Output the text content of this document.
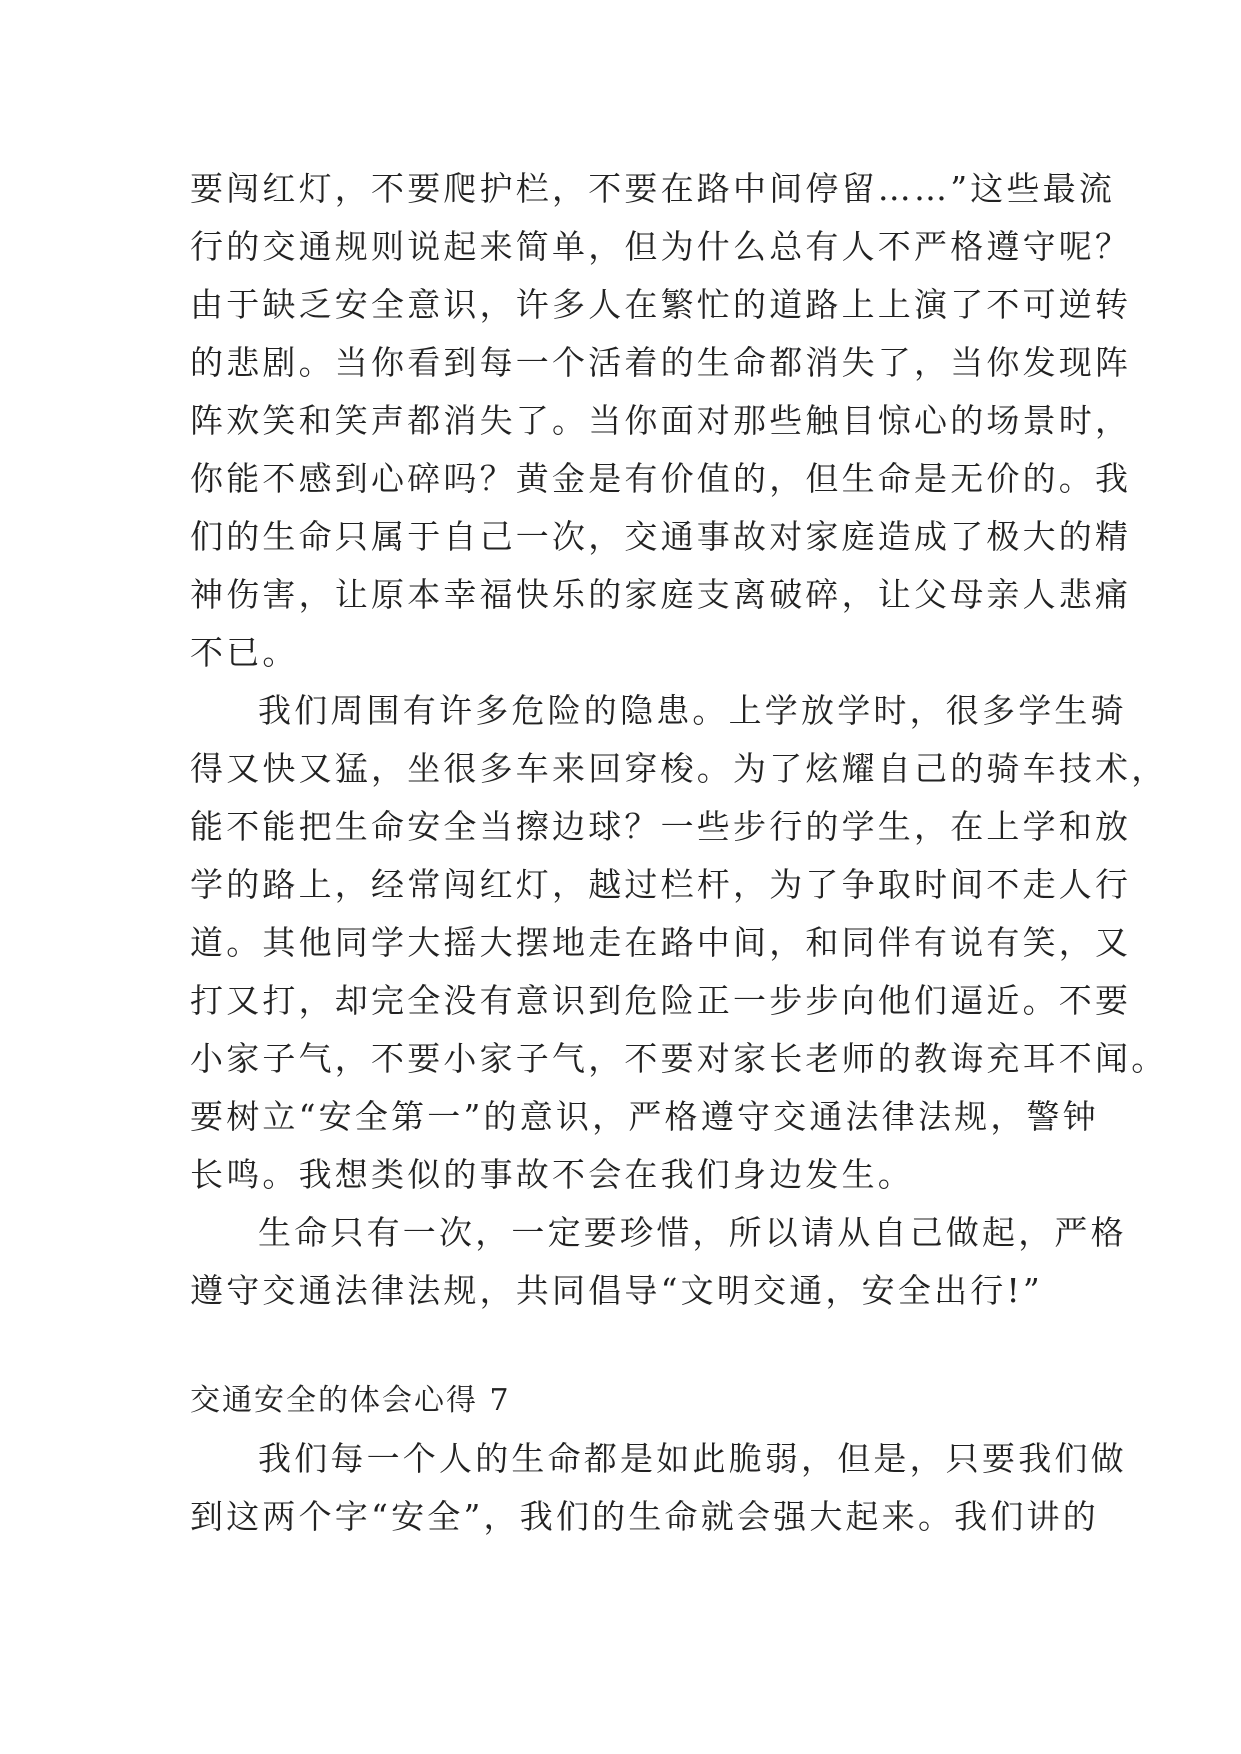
要闯红灯，不要爬护栏，不要在路中间停留……”这些最流
行的交通规则说起来简单，但为什么总有人不严格遵守呢？
由于缺乏安全意识，许多人在繁忙的道路上上演了不可逆转
的悲剧。当你看到每一个活着的生命都消失了，当你发现阵
阵欢笑和笑声都消失了。当你面对那些触目惊心的场景时，
你能不感到心碎吗？黄金是有价值的，但生命是无价的。我
们的生命只属于自己一次，交通事故对家庭造成了极大的精
神伤害，让原本幸福快乐的家庭支离破碎，让父母亲人悲痛
不已。
我们周围有许多危险的隐患。上学放学时，很多学生骑
得又快又猛，坐很多车来回穿梭。为了炫耀自己的骑车技术，
能不能把生命安全当擦边球？一些步行的学生，在上学和放
学的路上，经常闯红灯，越过栏杆，为了争取时间不走人行
道。其他同学大摇大摆地走在路中间，和同伴有说有笑，又
打又打，却完全没有意识到危险正一步步向他们逼近。不要
小家子气，不要小家子气，不要对家长老师的教诲充耳不闻。
要树立“安全第一”的意识，严格遵守交通法律法规，警钟
长鸣。我想类似的事故不会在我们身边发生。
生命只有一次，一定要珍惜，所以请从自己做起，严格
遵守交通法律法规，共同倡导“文明交通，安全出行!”
交通安全的体会心得 7
我们每一个人的生命都是如此脆弱，但是，只要我们做
到这两个字“安全”，我们的生命就会强大起来。我们讲的
